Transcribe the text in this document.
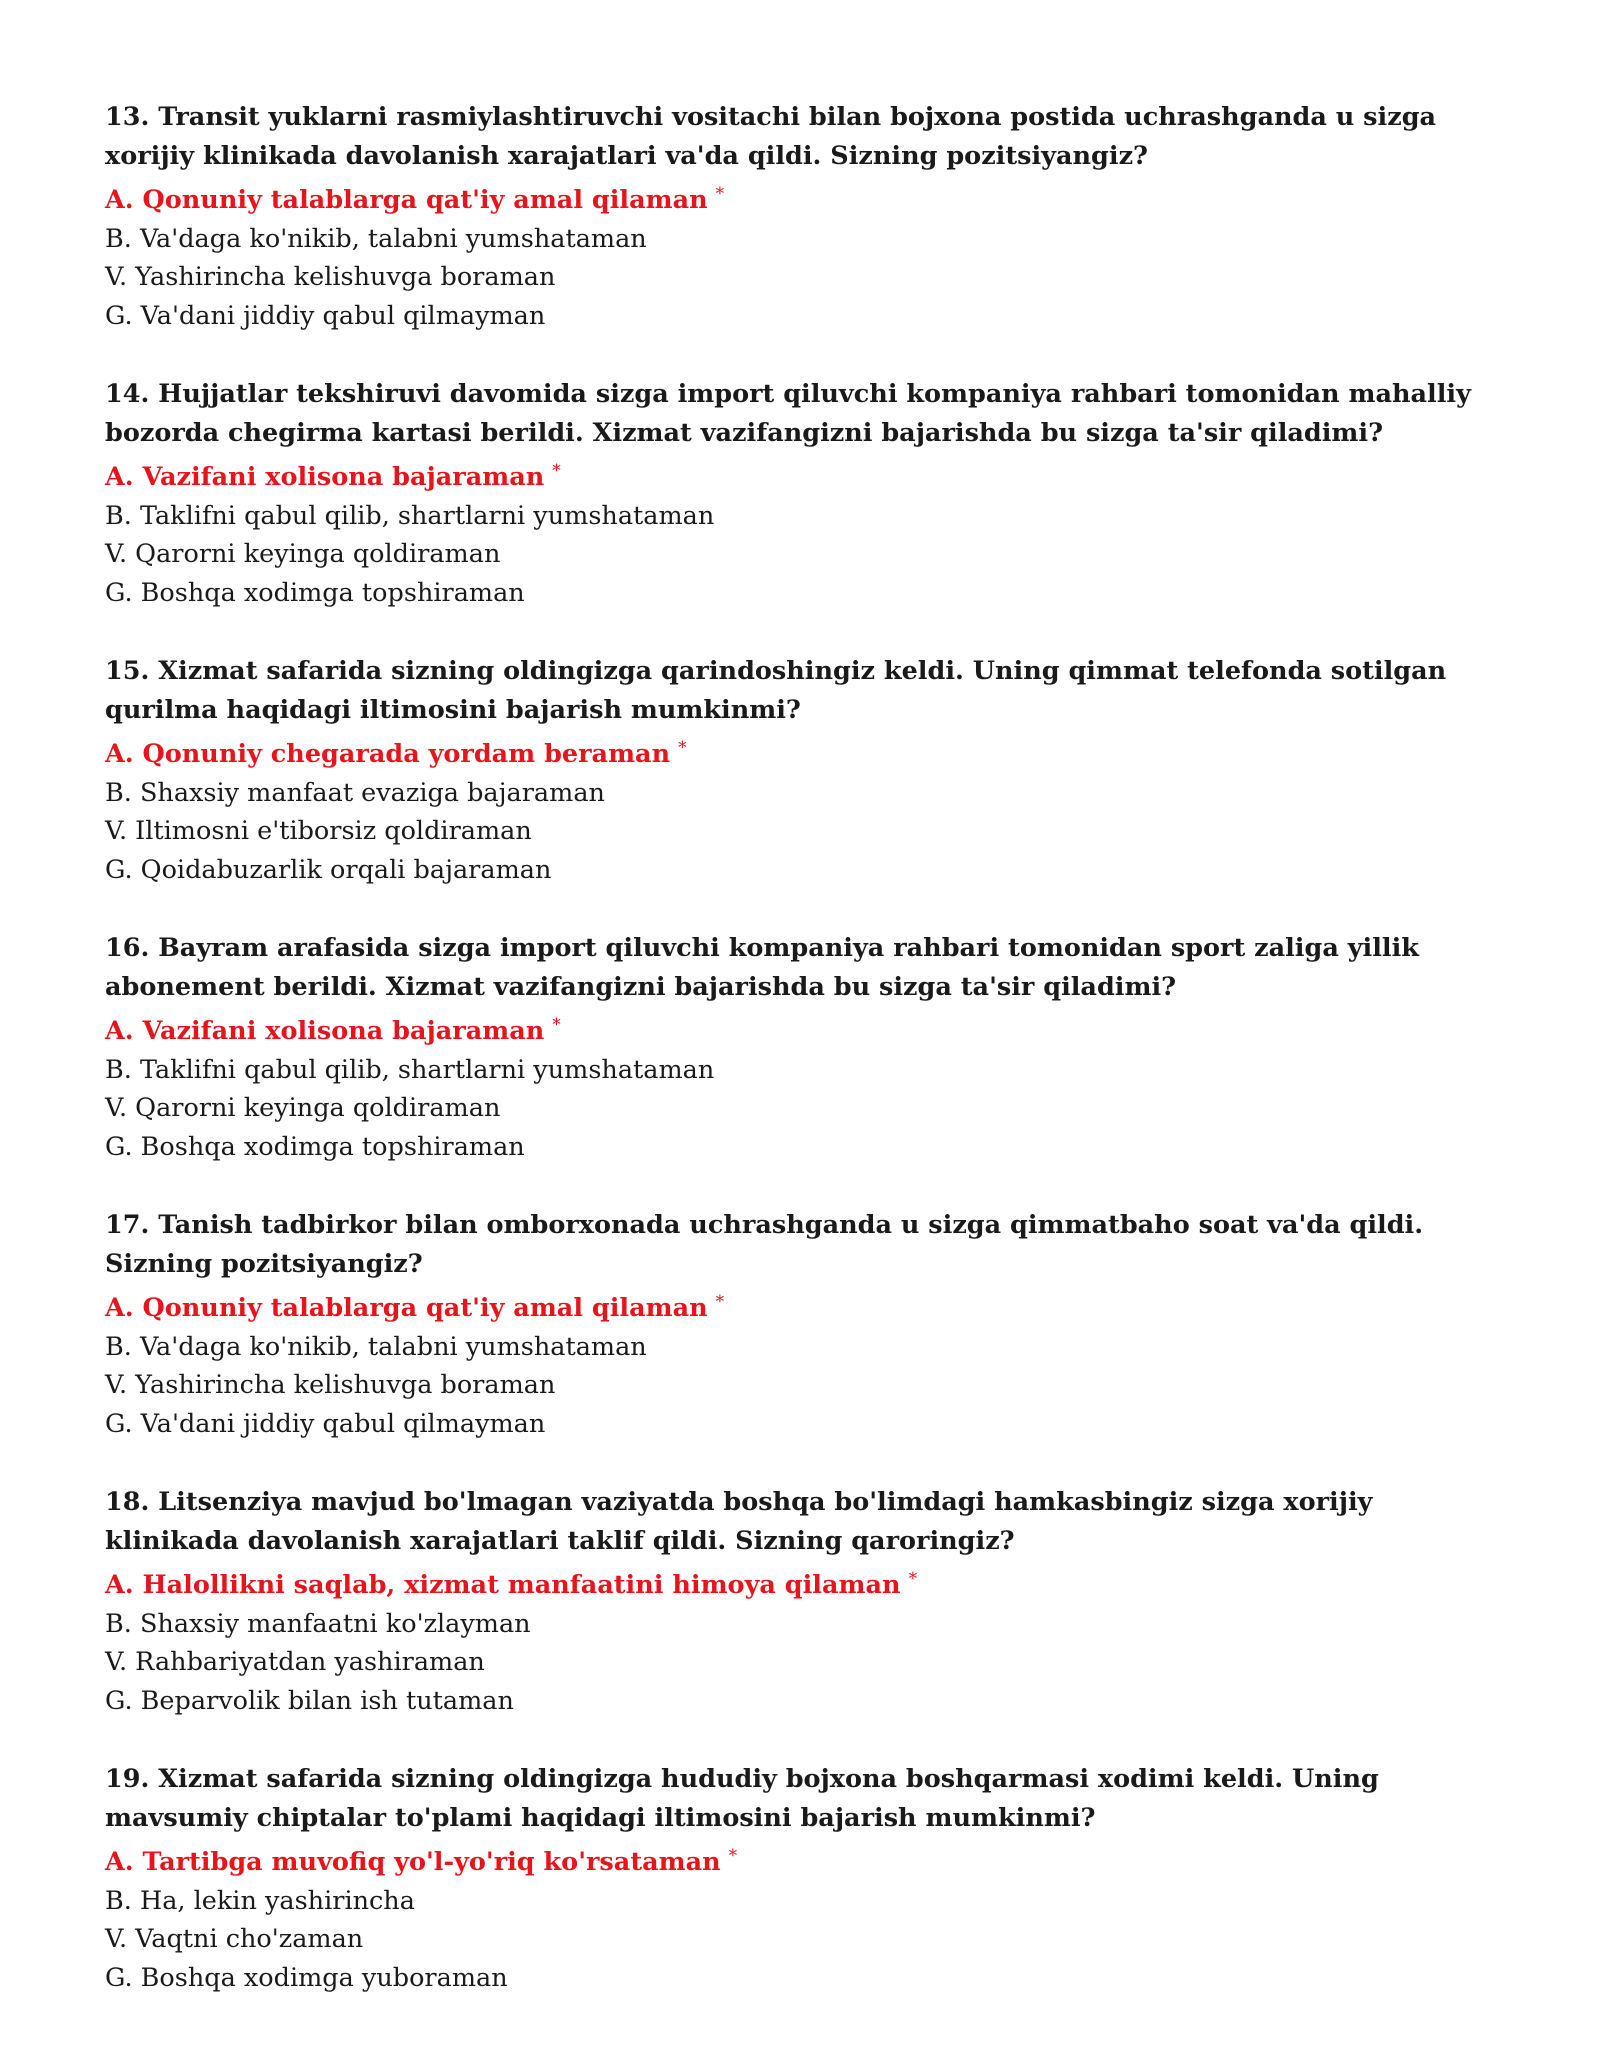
13. Transit yuklarni rasmiylashtiruvchi vositachi bilan bojxona postida uchrashganda u sizga xorijiy klinikada davolanish xarajatlari va'da qildi. Sizning pozitsiyangiz?

A. Qonuniy talablarga qat'iy amal qilaman *

B. Va'daga ko'nikib, talabni yumshataman

V. Yashirincha kelishuvga boraman

G. Va'dani jiddiy qabul qilmayman

14. Hujjatlar tekshiruvi davomida sizga import qiluvchi kompaniya rahbari tomonidan mahalliy bozorda chegirma kartasi berildi. Xizmat vazifangizni bajarishda bu sizga ta'sir qiladimi?

A. Vazifani xolisona bajaraman *

B. Taklifni qabul qilib, shartlarni yumshataman

V. Qarorni keyinga qoldiraman

G. Boshqa xodimga topshiraman

15. Xizmat safarida sizning oldingizga qarindoshingiz keldi. Uning qimmat telefonda sotilgan qurilma haqidagi iltimosini bajarish mumkinmi?

A. Qonuniy chegarada yordam beraman *

B. Shaxsiy manfaat evaziga bajaraman

V. Iltimosni e'tiborsiz qoldiraman

G. Qoidabuzarlik orqali bajaraman

16. Bayram arafasida sizga import qiluvchi kompaniya rahbari tomonidan sport zaliga yillik abonement berildi. Xizmat vazifangizni bajarishda bu sizga ta'sir qiladimi?

A. Vazifani xolisona bajaraman *

B. Taklifni qabul qilib, shartlarni yumshataman

V. Qarorni keyinga qoldiraman

G. Boshqa xodimga topshiraman

17. Tanish tadbirkor bilan omborxonada uchrashganda u sizga qimmatbaho soat va'da qildi. Sizning pozitsiyangiz?

A. Qonuniy talablarga qat'iy amal qilaman *

B. Va'daga ko'nikib, talabni yumshataman

V. Yashirincha kelishuvga boraman

G. Va'dani jiddiy qabul qilmayman

18. Litsenziya mavjud bo'lmagan vaziyatda boshqa bo'limdagi hamkasbingiz sizga xorijiy klinikada davolanish xarajatlari taklif qildi. Sizning qaroringiz?

A. Halollikni saqlab, xizmat manfaatini himoya qilaman *

B. Shaxsiy manfaatni ko'zlayman

V. Rahbariyatdan yashiraman

G. Beparvolik bilan ish tutaman

19. Xizmat safarida sizning oldingizga hududiy bojxona boshqarmasi xodimi keldi. Uning mavsumiy chiptalar to'plami haqidagi iltimosini bajarish mumkinmi?

A. Tartibga muvofiq yo'l-yo'riq ko'rsataman *

B. Ha, lekin yashirincha

V. Vaqtni cho'zaman

G. Boshqa xodimga yuboraman
